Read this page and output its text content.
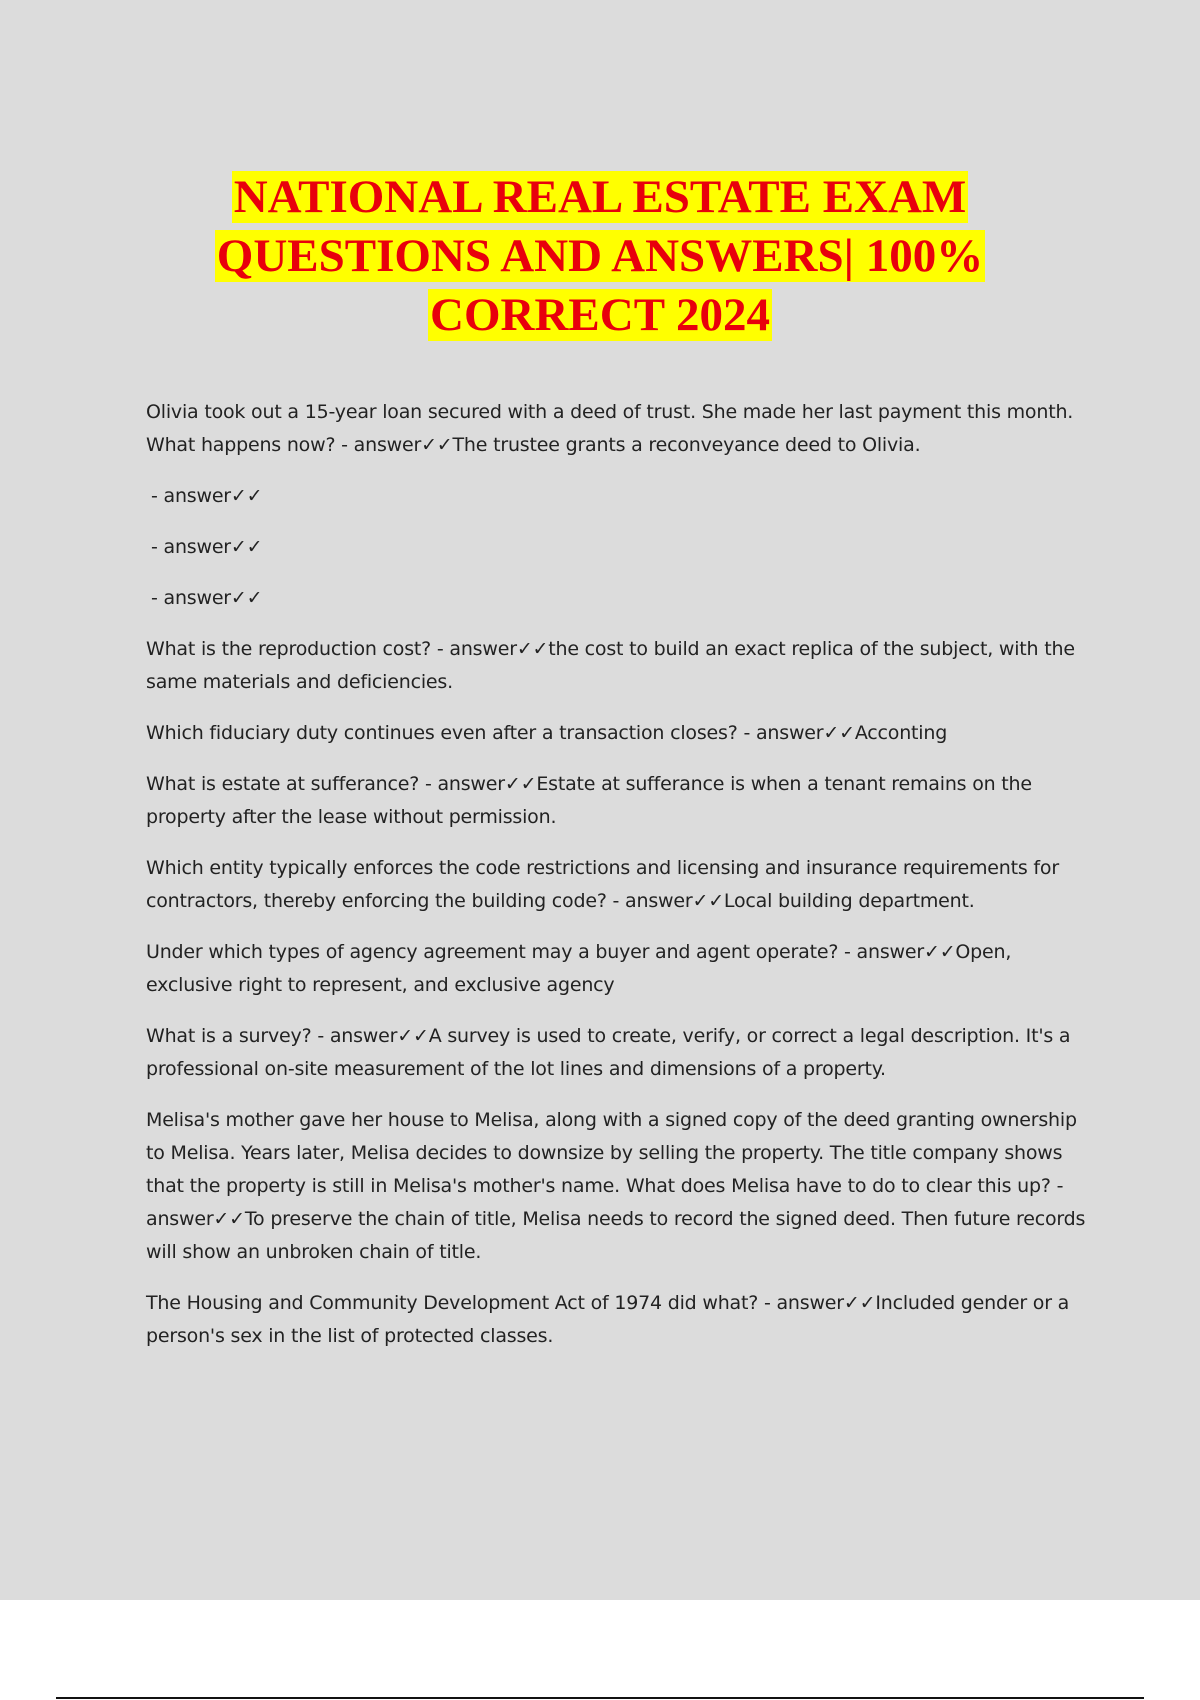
NATIONAL REAL ESTATE EXAM
QUESTIONS AND ANSWERS| 100%
CORRECT 2024

Olivia took out a 15-year loan secured with a deed of trust. She made her last payment this month. What happens now? - answer✓✓The trustee grants a reconveyance deed to Olivia.

- answer✓✓

- answer✓✓

- answer✓✓

What is the reproduction cost? - answer✓✓the cost to build an exact replica of the subject, with the same materials and deficiencies.

Which fiduciary duty continues even after a transaction closes? - answer✓✓Acconting

What is estate at sufferance? - answer✓✓Estate at sufferance is when a tenant remains on the property after the lease without permission.

Which entity typically enforces the code restrictions and licensing and insurance requirements for contractors, thereby enforcing the building code? - answer✓✓Local building department.

Under which types of agency agreement may a buyer and agent operate? - answer✓✓Open, exclusive right to represent, and exclusive agency

What is a survey? - answer✓✓A survey is used to create, verify, or correct a legal description. It's a professional on-site measurement of the lot lines and dimensions of a property.

Melisa's mother gave her house to Melisa, along with a signed copy of the deed granting ownership to Melisa. Years later, Melisa decides to downsize by selling the property. The title company shows that the property is still in Melisa's mother's name. What does Melisa have to do to clear this up? - answer✓✓To preserve the chain of title, Melisa needs to record the signed deed. Then future records will show an unbroken chain of title.

The Housing and Community Development Act of 1974 did what? - answer✓✓Included gender or a person's sex in the list of protected classes.
